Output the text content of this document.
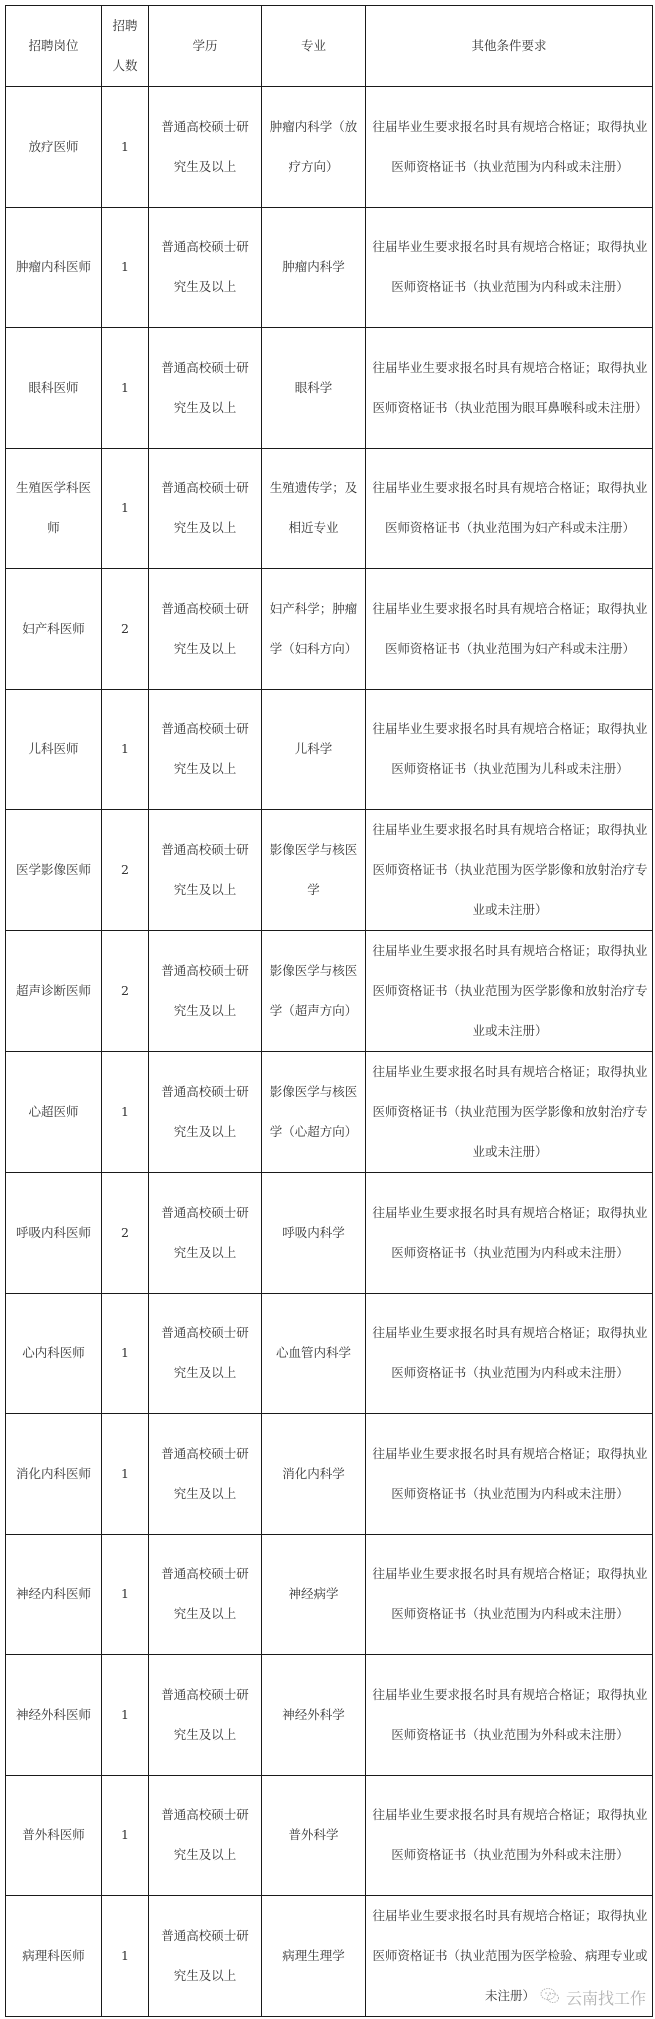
招聘岗位	招聘人数	学历	专业	其他条件要求
放疗医师	1	普通高校硕士研究生及以上	肿瘤内科学（放疗方向）	往届毕业生要求报名时具有规培合格证；取得执业医师资格证书（执业范围为内科或未注册）
肿瘤内科医师	1	普通高校硕士研究生及以上	肿瘤内科学	往届毕业生要求报名时具有规培合格证；取得执业医师资格证书（执业范围为内科或未注册）
眼科医师	1	普通高校硕士研究生及以上	眼科学	往届毕业生要求报名时具有规培合格证；取得执业医师资格证书（执业范围为眼耳鼻喉科或未注册）
生殖医学科医师	1	普通高校硕士研究生及以上	生殖遗传学；及相近专业	往届毕业生要求报名时具有规培合格证；取得执业医师资格证书（执业范围为妇产科或未注册）
妇产科医师	2	普通高校硕士研究生及以上	妇产科学；肿瘤学（妇科方向）	往届毕业生要求报名时具有规培合格证；取得执业医师资格证书（执业范围为妇产科或未注册）
儿科医师	1	普通高校硕士研究生及以上	儿科学	往届毕业生要求报名时具有规培合格证；取得执业医师资格证书（执业范围为儿科或未注册）
医学影像医师	2	普通高校硕士研究生及以上	影像医学与核医学	往届毕业生要求报名时具有规培合格证；取得执业医师资格证书（执业范围为医学影像和放射治疗专业或未注册）
超声诊断医师	2	普通高校硕士研究生及以上	影像医学与核医学（超声方向）	往届毕业生要求报名时具有规培合格证；取得执业医师资格证书（执业范围为医学影像和放射治疗专业或未注册）
心超医师	1	普通高校硕士研究生及以上	影像医学与核医学（心超方向）	往届毕业生要求报名时具有规培合格证；取得执业医师资格证书（执业范围为医学影像和放射治疗专业或未注册）
呼吸内科医师	2	普通高校硕士研究生及以上	呼吸内科学	往届毕业生要求报名时具有规培合格证；取得执业医师资格证书（执业范围为内科或未注册）
心内科医师	1	普通高校硕士研究生及以上	心血管内科学	往届毕业生要求报名时具有规培合格证；取得执业医师资格证书（执业范围为内科或未注册）
消化内科医师	1	普通高校硕士研究生及以上	消化内科学	往届毕业生要求报名时具有规培合格证；取得执业医师资格证书（执业范围为内科或未注册）
神经内科医师	1	普通高校硕士研究生及以上	神经病学	往届毕业生要求报名时具有规培合格证；取得执业医师资格证书（执业范围为内科或未注册）
神经外科医师	1	普通高校硕士研究生及以上	神经外科学	往届毕业生要求报名时具有规培合格证；取得执业医师资格证书（执业范围为外科或未注册）
普外科医师	1	普通高校硕士研究生及以上	普外科学	往届毕业生要求报名时具有规培合格证；取得执业医师资格证书（执业范围为外科或未注册）
病理科医师	1	普通高校硕士研究生及以上	病理生理学	往届毕业生要求报名时具有规培合格证；取得执业医师资格证书（执业范围为医学检验、病理专业或未注册） 云南找工作
